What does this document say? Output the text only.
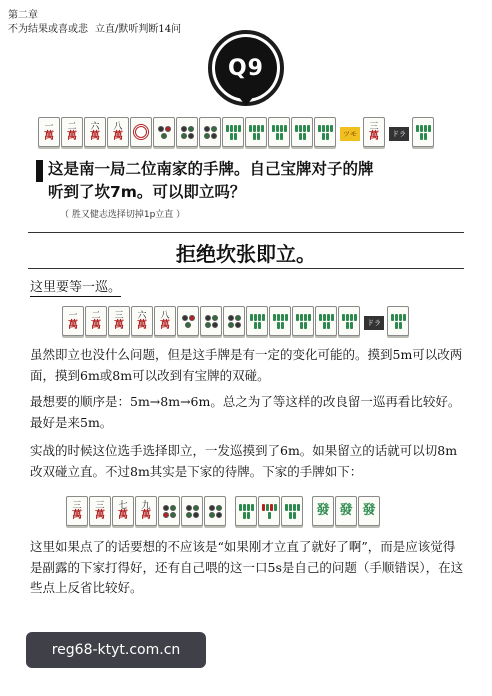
第二章
不为结果或喜或悲 立直/默听判断14问
Q9
一
萬
二
萬
六
萬
八
萬	ツモ
三
萬	ドラ
这是南一局二位南家的手牌。自己宝牌对子的牌
听到了坎7m。可以即立吗？
（ 胜又健志选择切掉1p立直 ）
拒绝坎张即立。
这里要等一巡。
一
萬
二
萬
三
萬
六
萬
八
萬	ドラ
虽然即立也没什么问题，但是这手牌是有一定的变化可能的。摸到5m可以改两面，摸到6m或8m可以改到有宝牌的双碰。
最想要的顺序是：5m→8m→6m。总之为了等这样的改良留一巡再看比较好。最好是来5m。
实战的时候这位选手选择即立，一发巡摸到了6m。如果留立的话就可以切8m改双碰立直。不过8m其实是下家的待牌。下家的手牌如下：
三
萬
三
萬
七
萬
九
萬	發 發 發
这里如果点了的话要想的不应该是“如果刚才立直了就好了啊”，而是应该觉得是副露的下家打得好，还有自己喂的这一口5s是自己的问题（手顺错误），在这些点上反省比较好。
reg68-ktyt.com.cn
